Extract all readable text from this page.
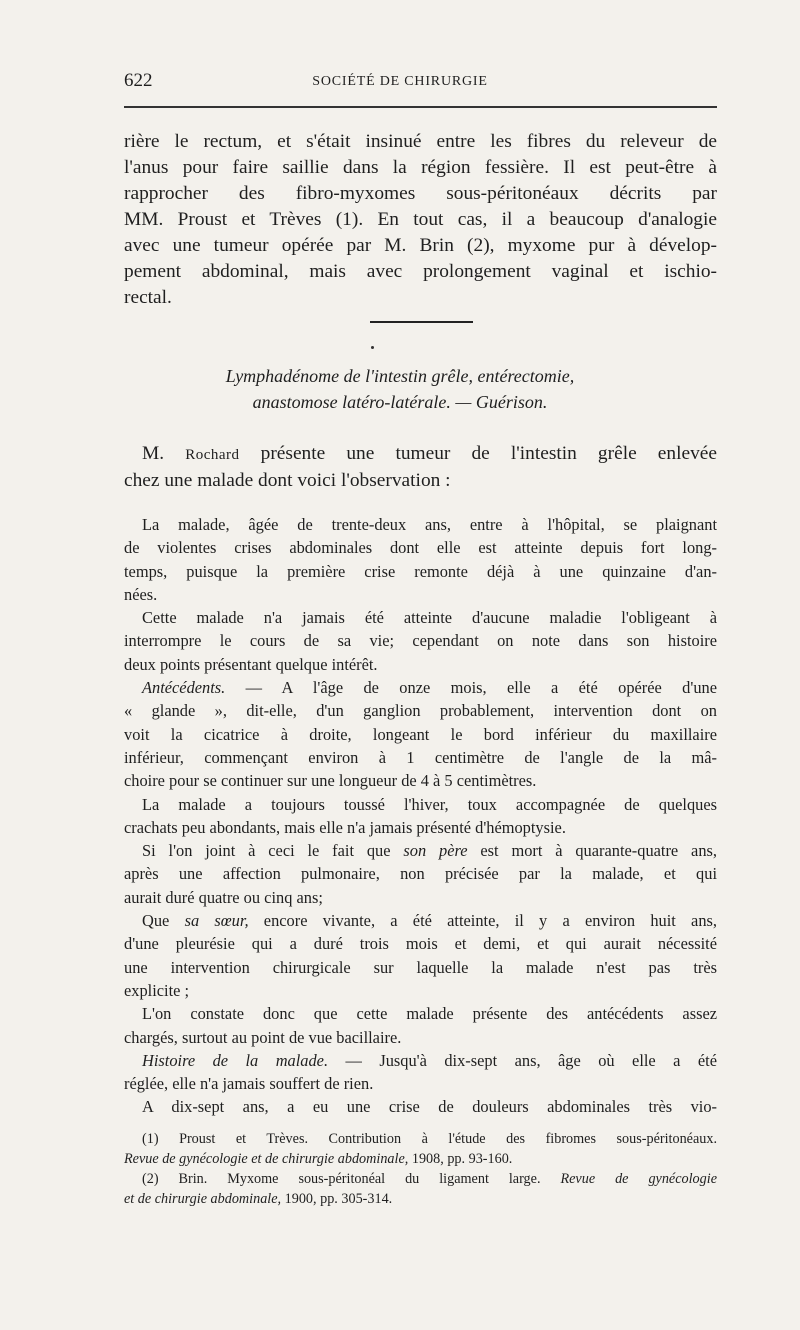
622	SOCIÉTÉ DE CHIRURGIE
rière le rectum, et s'était insinué entre les fibres du releveur de
l'anus pour faire saillie dans la région fessière. Il est peut-être à
rapprocher des fibro-myxomes sous-péritonéaux décrits par
MM. Proust et Trèves (1). En tout cas, il a beaucoup d'analogie
avec une tumeur opérée par M. Brin (2), myxome pur à dévelop-
pement abdominal, mais avec prolongement vaginal et ischio-
rectal.
Lymphadénome de l'intestin grêle, entérectomie,
anastomose latéro-latérale. — Guérison.
M. Rochard présente une tumeur de l'intestin grêle enlevée
chez une malade dont voici l'observation :
La malade, âgée de trente-deux ans, entre à l'hôpital, se plaignant
de violentes crises abdominales dont elle est atteinte depuis fort long-
temps, puisque la première crise remonte déjà à une quinzaine d'an-
nées.
Cette malade n'a jamais été atteinte d'aucune maladie l'obligeant à
interrompre le cours de sa vie; cependant on note dans son histoire
deux points présentant quelque intérêt.
Antécédents. — A l'âge de onze mois, elle a été opérée d'une
« glande », dit-elle, d'un ganglion probablement, intervention dont on
voit la cicatrice à droite, longeant le bord inférieur du maxillaire
inférieur, commençant environ à 1 centimètre de l'angle de la mâ-
choire pour se continuer sur une longueur de 4 à 5 centimètres.
La malade a toujours toussé l'hiver, toux accompagnée de quelques
crachats peu abondants, mais elle n'a jamais présenté d'hémoptysie.
Si l'on joint à ceci le fait que son père est mort à quarante-quatre ans,
après une affection pulmonaire, non précisée par la malade, et qui
aurait duré quatre ou cinq ans;
Que sa sœur, encore vivante, a été atteinte, il y a environ huit ans,
d'une pleurésie qui a duré trois mois et demi, et qui aurait nécessité
une intervention chirurgicale sur laquelle la malade n'est pas très
explicite ;
L'on constate donc que cette malade présente des antécédents assez
chargés, surtout au point de vue bacillaire.
Histoire de la malade. — Jusqu'à dix-sept ans, âge où elle a été
réglée, elle n'a jamais souffert de rien.
A dix-sept ans, a eu une crise de douleurs abdominales très vio-
(1) Proust et Trèves. Contribution à l'étude des fibromes sous-péritonéaux.
Revue de gynécologie et de chirurgie abdominale, 1908, pp. 93-160.
(2) Brin. Myxome sous-péritonéal du ligament large. Revue de gynécologie
et de chirurgie abdominale, 1900, pp. 305-314.
